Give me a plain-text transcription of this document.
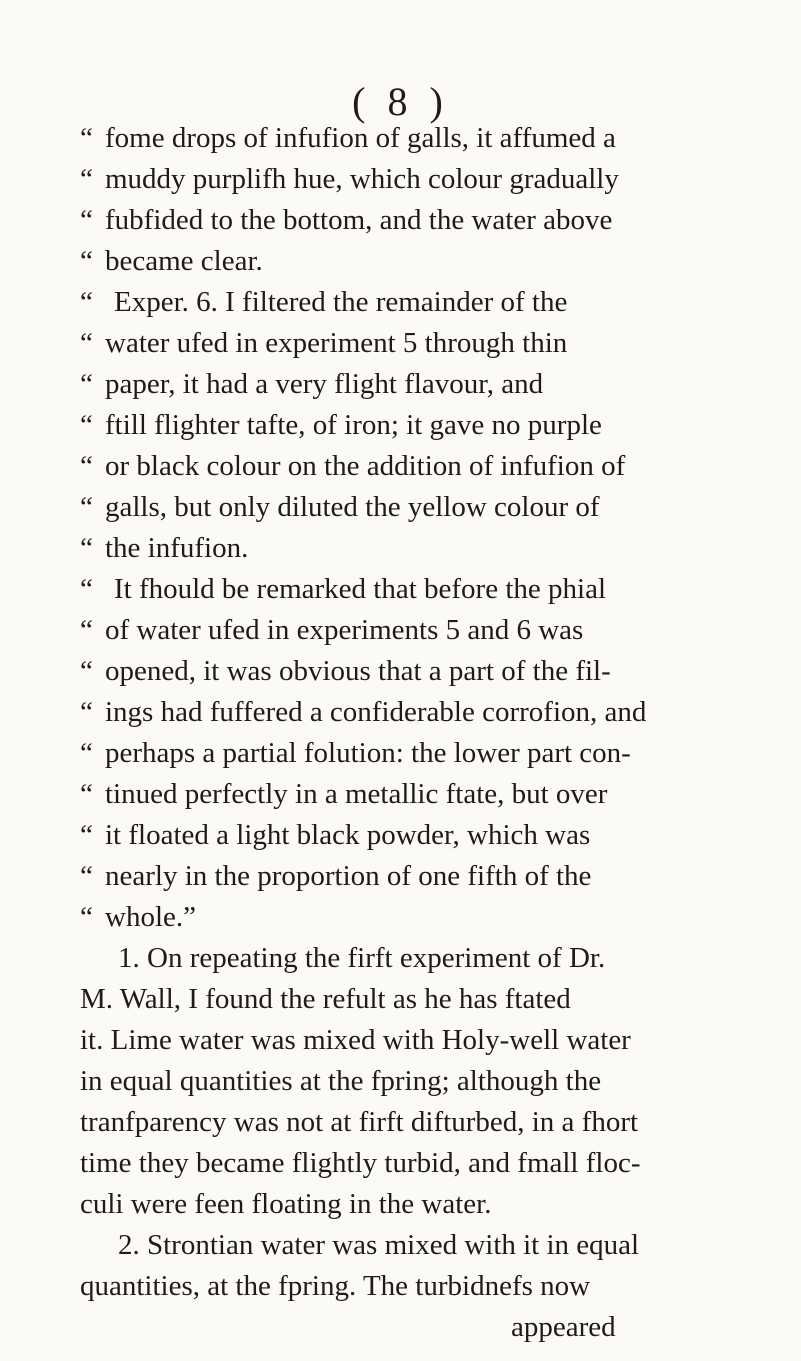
( 8 )
“ fome drops of infufion of galls, it affumed a
“ muddy purplifh hue, which colour gradually
“ fubfided to the bottom, and the water above
“ became clear.
“ Exper. 6. I filtered the remainder of the
“ water ufed in experiment 5 through thin
“ paper, it had a very flight flavour, and
“ ftill flighter tafte, of iron; it gave no purple
“ or black colour on the addition of infufion of
“ galls, but only diluted the yellow colour of
“ the infufion.
“ It fhould be remarked that before the phial
“ of water ufed in experiments 5 and 6 was
“ opened, it was obvious that a part of the fil-
“ ings had fuffered a confiderable corrofion, and
“ perhaps a partial folution: the lower part con-
“ tinued perfectly in a metallic ftate, but over
“ it floated a light black powder, which was
“ nearly in the proportion of one fifth of the
“ whole.”
1. On repeating the firft experiment of Dr.
M. Wall, I found the refult as he has ftated
it. Lime water was mixed with Holy-well water
in equal quantities at the fpring; although the
tranfparency was not at firft difturbed, in a fhort
time they became flightly turbid, and fmall floc-
culi were feen floating in the water.
2. Strontian water was mixed with it in equal
quantities, at the fpring. The turbidnefs now
appeared
